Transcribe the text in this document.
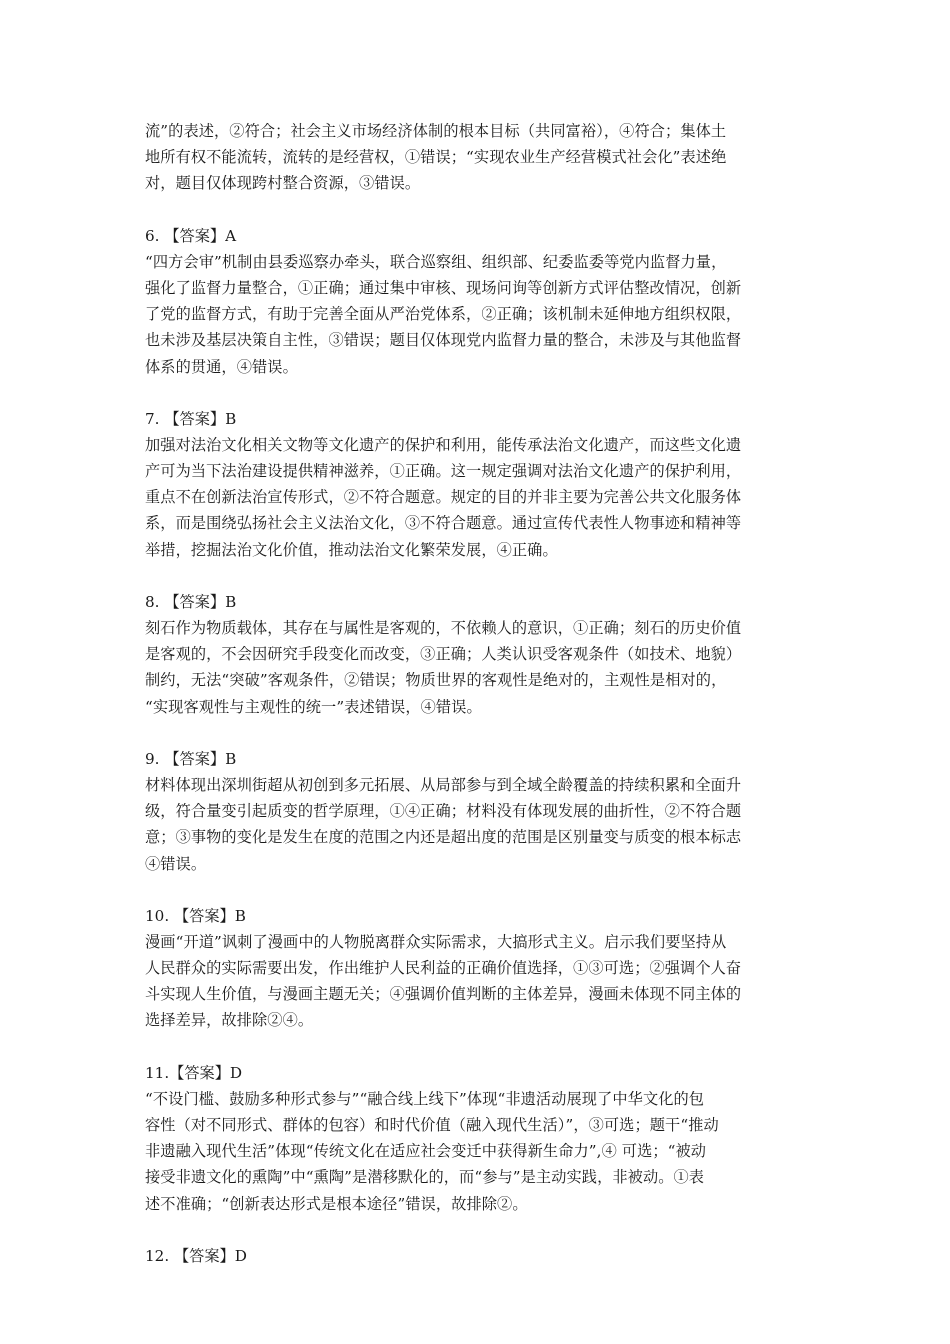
流”的表述，②符合；社会主义市场经济体制的根本目标（共同富裕），④符合；集体土
地所有权不能流转，流转的是经营权，①错误；“实现农业生产经营模式社会化”表述绝
对，题目仅体现跨村整合资源，③错误。
6. 【答案】A
“四方会审”机制由县委巡察办牵头，联合巡察组、组织部、纪委监委等党内监督力量，
强化了监督力量整合，①正确；通过集中审核、现场问询等创新方式评估整改情况，创新
了党的监督方式，有助于完善全面从严治党体系，②正确；该机制未延伸地方组织权限，
也未涉及基层决策自主性，③错误；题目仅体现党内监督力量的整合，未涉及与其他监督
体系的贯通，④错误。
7. 【答案】B
加强对法治文化相关文物等文化遗产的保护和利用，能传承法治文化遗产，而这些文化遗
产可为当下法治建设提供精神滋养，①正确。这一规定强调对法治文化遗产的保护利用，
重点不在创新法治宣传形式，②不符合题意。规定的目的并非主要为完善公共文化服务体
系，而是围绕弘扬社会主义法治文化，③不符合题意。通过宣传代表性人物事迹和精神等
举措，挖掘法治文化价值，推动法治文化繁荣发展，④正确。
8. 【答案】B
刻石作为物质载体，其存在与属性是客观的，不依赖人的意识，①正确；刻石的历史价值
是客观的，不会因研究手段变化而改变，③正确；人类认识受客观条件（如技术、地貌）
制约，无法“突破”客观条件，②错误；物质世界的客观性是绝对的，主观性是相对的，
“实现客观性与主观性的统一”表述错误，④错误。
9. 【答案】B
材料体现出深圳街超从初创到多元拓展、从局部参与到全域全龄覆盖的持续积累和全面升
级，符合量变引起质变的哲学原理，①④正确；材料没有体现发展的曲折性，②不符合题
意；③事物的变化是发生在度的范围之内还是超出度的范围是区别量变与质变的根本标志
④错误。
10. 【答案】B
漫画“开道”讽刺了漫画中的人物脱离群众实际需求，大搞形式主义。启示我们要坚持从
人民群众的实际需要出发，作出维护人民利益的正确价值选择，①③可选；②强调个人奋
斗实现人生价值，与漫画主题无关；④强调价值判断的主体差异，漫画未体现不同主体的
选择差异，故排除②④。
11.【答案】D
“不设门槛、鼓励多种形式参与”“融合线上线下”体现“非遗活动展现了中华文化的包
容性（对不同形式、群体的包容）和时代价值（融入现代生活）”，③可选；题干“推动
非遗融入现代生活”体现“传统文化在适应社会变迁中获得新生命力”,④ 可选；“被动
接受非遗文化的熏陶”中“熏陶”是潜移默化的，而“参与”是主动实践，非被动。①表
述不准确；“创新表达形式是根本途径”错误，故排除②。
12. 【答案】D
